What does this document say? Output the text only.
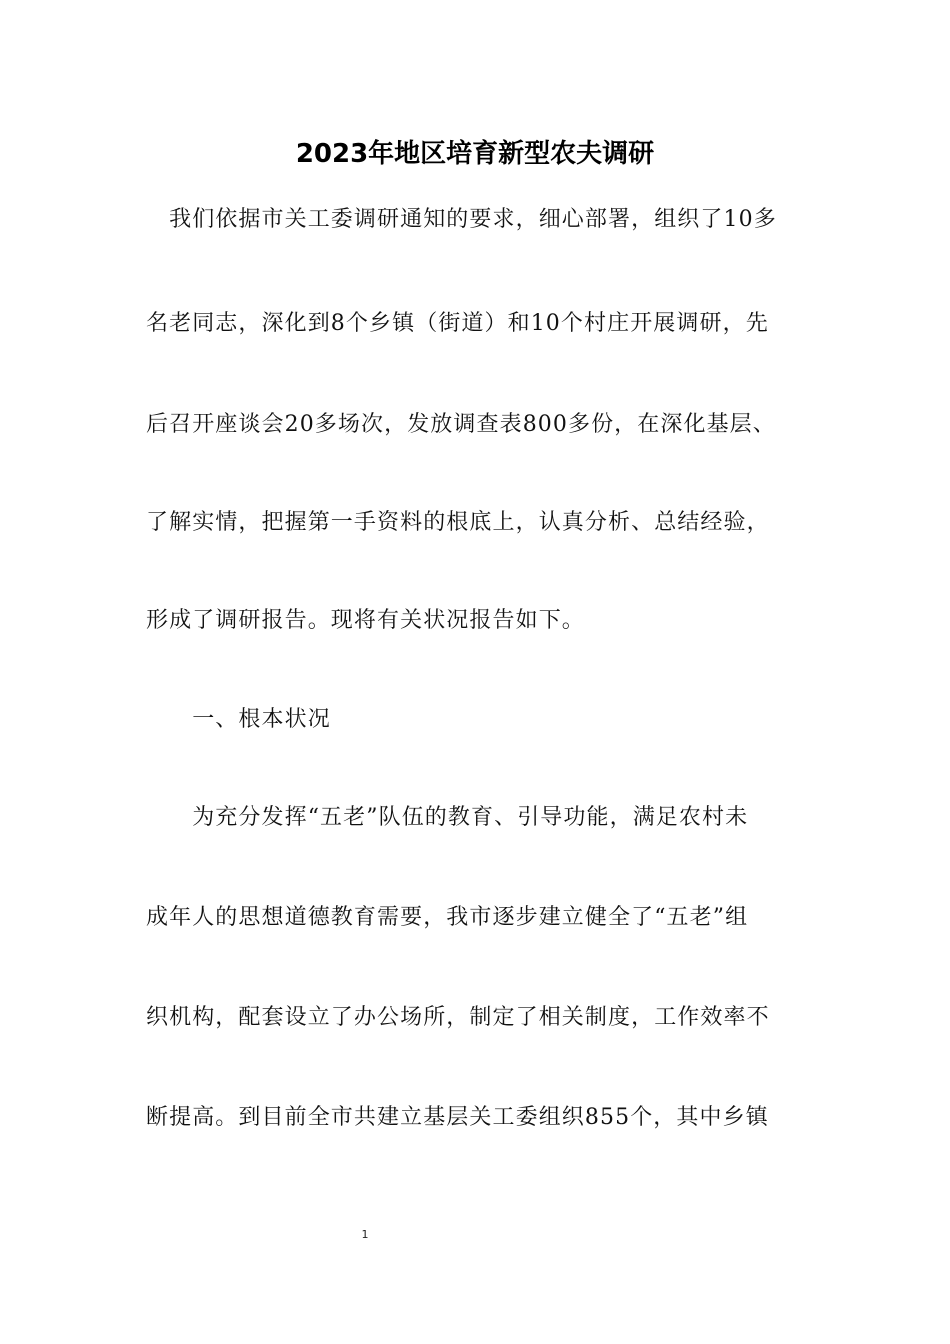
2023年地区培育新型农夫调研
　我们依据市关工委调研通知的要求，细心部署，组织了10多
名老同志，深化到8个乡镇（街道）和10个村庄开展调研，先
后召开座谈会20多场次，发放调查表800多份，在深化基层、
了解实情，把握第一手资料的根底上，认真分析、总结经验，
形成了调研报告。现将有关状况报告如下。
　　一、根本状况
　　为充分发挥“五老”队伍的教育、引导功能，满足农村未
成年人的思想道德教育需要，我市逐步建立健全了“五老”组
织机构，配套设立了办公场所，制定了相关制度，工作效率不
断提高。到目前全市共建立基层关工委组织855个，其中乡镇
1
